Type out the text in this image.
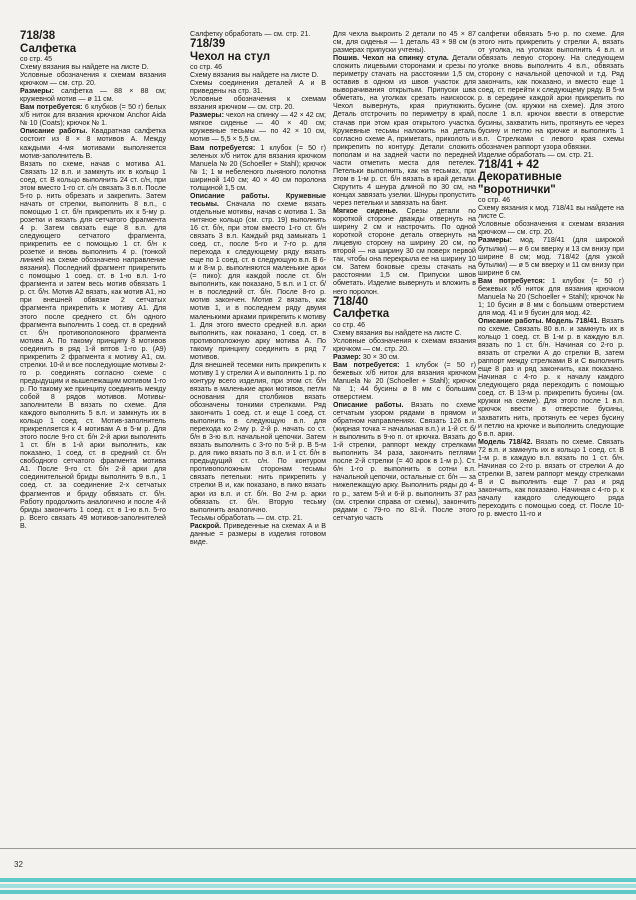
718/38

Салфетка

со стр. 45

Схему вязания вы найдете на листе D.

Условные обозначения к схемам вязания крючком — см. стр. 20.

Размеры: салфетка — 88 × 88 см; кружевной мотив — ø 11 см.

Вам потребуется: 6 клубков (= 50 г) белых х/б ниток для вязания крючком Anchor Aida № 10 (Coats); крючок № 1.

Описание работы. Квадратная салфетка состоит из 8 × 8 мотивов А. Между каждыми 4-мя мотивами выполняется мотив-заполнитель В.

Вязать по схеме, начав с мотива А1. Связать 12 в.п. и замкнуть их в кольцо 1 соед. ст. В кольцо выполнить 24 ст. с/н, при этом вместо 1-го ст. с/н связать 3 в.п. После 5-го р. нить обрезать и закрепить. Затем начать от стрелки, выполнить 8 в.п., с помощью 1 ст. б/н прикрепить их к 5-му р. розетки и вязать для сетчатого фрагмента 4 р. Затем связать еще 8 в.п. для следующего сетчатого фрагмента, прикрепить ее с помощью 1 ст. б/н к розетке и вновь выполнить 4 р. (тонкой линией на схеме обозначено направление вязания). Последний фрагмент прикрепить с помощью 1 соед. ст. в 1-ю в.п. 1-го фрагмента и затем весь мотив обвязать 1 р. ст. б/н. Мотив А2 вязать, как мотив А1, но при внешней обвязке 2 сетчатых фрагмента прикрепить к мотиву А1. Для этого после среднего ст. б/н одного фрагмента выполнить 1 соед. ст. в средний ст. б/н противоположного фрагмента мотива А. По такому принципу 8 мотивов соединить в ряд 1-й вптов 1-го р. (А9) прикрепить 2 фрагмента к мотиву А1, см. стрелки. 10-й и все последующие мотивы 2-го р. соединять согласно схеме с предыдущим и вышележащим мотивом 1-го р. По такому же принципу соединить между собой 8 рядов мотивов. Мотивы-заполнители В вязать по схеме. Для каждого выполнить 5 в.п. и замкнуть их в кольцо 1 соед. ст. Мотив-заполнитель прикрепляется к 4 мотивам А в 5-м р. Для этого после 9-го ст. б/н 2-й арки выполнить 1 ст. б/н в 1-й арки выполнить, как показано, 1 соед. ст. в средний ст. б/н свободного сетчатого фрагмента мотива А1. После 9-го ст. б/н 2-й арки для соединительной бриды выполнить 9 в.п., 1 соед. ст. за соединение 2-х сетчатых фрагментов и бриду обвязать ст. б/н. Работу продолжить аналогично и после 4-й бриды закончить 1 соед. ст. в 1-ю в.п. 5-го р. Всего связать 49 мотивов-заполнителей В.

Салфетку обработать — см. стр. 21.

718/39

Чехол на стул

со стр. 46

Схему вязания вы найдете на листе D.

Схемы соединения деталей А и В приведены на стр. 31.

Условные обозначения к схемам вязания крючком — см. стр. 20.

Размеры: чехол на спинку — 42 × 42 см; мягкое сиденье — 40 × 40 см; кружевные тесьмы — по 42 × 10 см, мотив — 5,5 × 5,5 см.

Вам потребуется: 1 клубок (= 50 г) зеленых х/б ниток для вязания крючком Manuela № 20 (Schoeller + Stahl); крючок № 1; 1 м небеленого льняного полотна шириной 140 см; 40 × 40 см поролона толщиной 1,5 см.

Описание работы. Кружевные тесьмы. Сначала по схеме вязать отдельные мотивы, начав с мотива 1. За нитяное кольцо (см. стр. 19) выполнить 16 ст. б/н, при этом вместо 1-го ст. б/н связать 3 в.п. Каждый ряд замыкать 1 соед. ст., после 5-го и 7-го р. для перехода к следующему ряду вязать еще по 1 соед. ст. в следующую в.п. В 6-м и 8-м р. выполняются маленькие арки (= пико): для каждой после ст. б/н выполнить, как показано, 5 в.п. и 1 ст. б/н в последний ст. б/н. После 8-го р. мотив закончен. Мотив 2 вязать, как мотив 1, и в последнем ряду двумя маленькими арками прикрепить к мотиву 1. Для этого вместо средней в.п. арки выполнить, как показано, 1 соед. ст. в противоположную арку мотива А. По такому принципу соединить в ряд 7 мотивов.

Для внешней тесемки нить прикрепить к мотиву 1 у стрелки А и выполнить 1 р. по контуру всего изделия, при этом ст. б/н вязать в маленькие арки мотивов, петли основания для столбиков вязать обозначены тонкими стрелками. Ряд закончить 1 соед. ст. и еще 1 соед. ст. выполнить в следующую в.п. для перехода ко 2-му р. 2-й р. начать со ст. б/н в 3-ю в.п. начальной цепочки. Затем вязать выполнить с 3-го по 5-й р. В 5-м р. для пико вязать по 3 в.п. и 1 ст. б/н в предыдущий ст. с/н. По контуром противоположным сторонам тесьмы связать петельки: нить прикрепить у стрелки В и, как показано, в пико вязать арки из в.п. и ст. б/н. Во 2-м р. арки обвязать ст. б/н. Вторую тесьму выполнить аналогично.

Тесьмы обработать — см. стр. 21.

Раскрой. Приведенные на схемах А и В данные = размеры в изделия готовом виде.

Для чехла выкроить 2 детали по 45 × 87 см, для сиденья — 1 деталь 43 × 98 см (в размерах припуски учтены).

Пошив. Чехол на спинку стула. Детали сложить лицевыми сторонами и срезы по периметру стачать на расстоянии 1,5 см, оставив в одном из швов участок для выворачивания открытым. Припуски шва обметать, на уголках срезать наискосок. Чехол вывернуть, края приутюжить. Деталь отстрочить по периметру в край, стачав при этом края открытого участка. Кружевные тесьмы наложить на деталь согласно схеме А, приметать, приколоть и прикрепить по контуру. Детали сложить пополам и на задней части по передней части отметить места для петелек. Петельки выполнить, как на тесьмах, при этом в 1-м р. ст. б/н вязать в край детали. Скрутить 4 шнура длиной по 30 см, на концах завязать узелки. Шнуры пропустить через петельки и завязать на бант.

Мягкое сиденье. Срезы детали по короткой стороне дважды отвернуть на ширину 2 см и настрочить. По одной короткой стороне деталь отвернуть на лицевую сторону на ширину 20 см, по второй — на ширину 30 см поверх первой так, чтобы она перекрыла ее на ширину 10 см. Затем боковые срезы стачать на расстоянии 1,5 см. Припуски швов обметать. Изделие вывернуть и вложить в него поролон.

718/40

Салфетка

со стр. 46

Схему вязания вы найдете на листе С.

Условные обозначения к схемам вязания крючком — см. стр. 20.

Размер: 30 × 30 см.

Вам потребуется: 1 клубок (= 50 г) бежевых х/б ниток для вязания крючком Manuela № 20 (Schoeller + Stahl); крючок № 1; 44 бусины ø 8 мм с большим отверстием.

Описание работы. Вязать по схеме сетчатым узором рядами в прямом и обратном направлениях. Связать 126 в.п. (жирная точка = начальная в.п.) и 1-й ст. б/н выполнить в 9-ю п. от крючка. Вязать до 1-й стрелки, раппорт между стрелками выполнить 34 раза, закончить петлями после 2-й стрелки (= 40 арок в 1-м р.). Ст. б/н 1-го р. выполнить в сотни в.п. начальной цепочки, остальные ст. б/н — за нижележащую арку. Выполнить ряды до 4-го р., затем 5-й и 6-й р. выполнить 37 раз (см. стрелки справа от схемы), закончить рядами с 79-го по 81-й. После этого сетчатую часть

салфетки обвязать 5-ю р. по схеме. Для этого нить прикрепить у стрелки А, вязать от уголка, на уголках выполнить 4 в.п. и обвязать левую сторону. На следующем уголке вновь выполнить 4 в.п., обвязать сторону с начальной цепочкой и т.д. Ряд закончить, как показано, и вместо еще 1 соед. ст. перейти к следующему ряду. В 5-м р. в середине каждой арки прикрепить по бусине (см. кружки на схеме). Для этого после 1 в.п. крючок ввести в отверстие бусины, захватить нить, протянуть ее через бусину и петлю на крючке и выполнить 1 в.п. Стрелками с левого края схемы обозначен раппорт узора обвязки.

Изделие обработать — см. стр. 21.

718/41 + 42

Декоративные "воротнички"

со стр. 46

Схему вязания к мод. 718/41 вы найдете на листе С.

Условные обозначения к схемам вязания крючком — см. стр. 20.

Размеры: мод. 718/41 (для широкой бутылки) — ø 6 см вверху и 13 см внизу при ширине 8 см; мод. 718/42 (для узкой бутылки) — ø 5 см вверху и 11 см внизу при ширине 6 см.

Вам потребуется: 1 клубок (= 50 г) бежевых х/б ниток для вязания крючком Manuela № 20 (Schoeller + Stahl); крючок № 1; 10 бусин ø 8 мм с большим отверстием для мод. 41 и 9 бусин для мод. 42.

Описание работы. Модель 718/41. Вязать по схеме. Связать 80 в.п. и замкнуть их в кольцо 1 соед. ст. В 1-м р. в каждую в.п. вязать по 1 ст. б/н. Начиная со 2-го р. вязать от стрелки А до стрелки В, затем раппорт между стрелками В и С выполнить еще 8 раз и ряд закончить, как показано. Начиная с 4-го р. к началу каждого следующего ряда переходить с помощью соед. ст. В 13-м р. прикрепить бусины (см. кружки на схеме). Для этого после 1 в.п. крючок ввести в отверстие бусины, захватить нить, протянуть ее через бусину и петлю на крючке и выполнить следующие 6 в.п. арки.

Модель 718/42. Вязать по схеме. Связать 72 в.п. и замкнуть их в кольцо 1 соед. ст. В 1-м р. в каждую в.п. вязать по 1 ст. б/н. Начиная со 2-го р. вязать от стрелки А до стрелки В, затем раппорт между стрелками В и С выполнить еще 7 раз и ряд закончить, как показано. Начиная с 4-го р. к началу каждого следующего ряда переходить с помощью соед. ст. После 10-го р. вместо 11-го и

32
